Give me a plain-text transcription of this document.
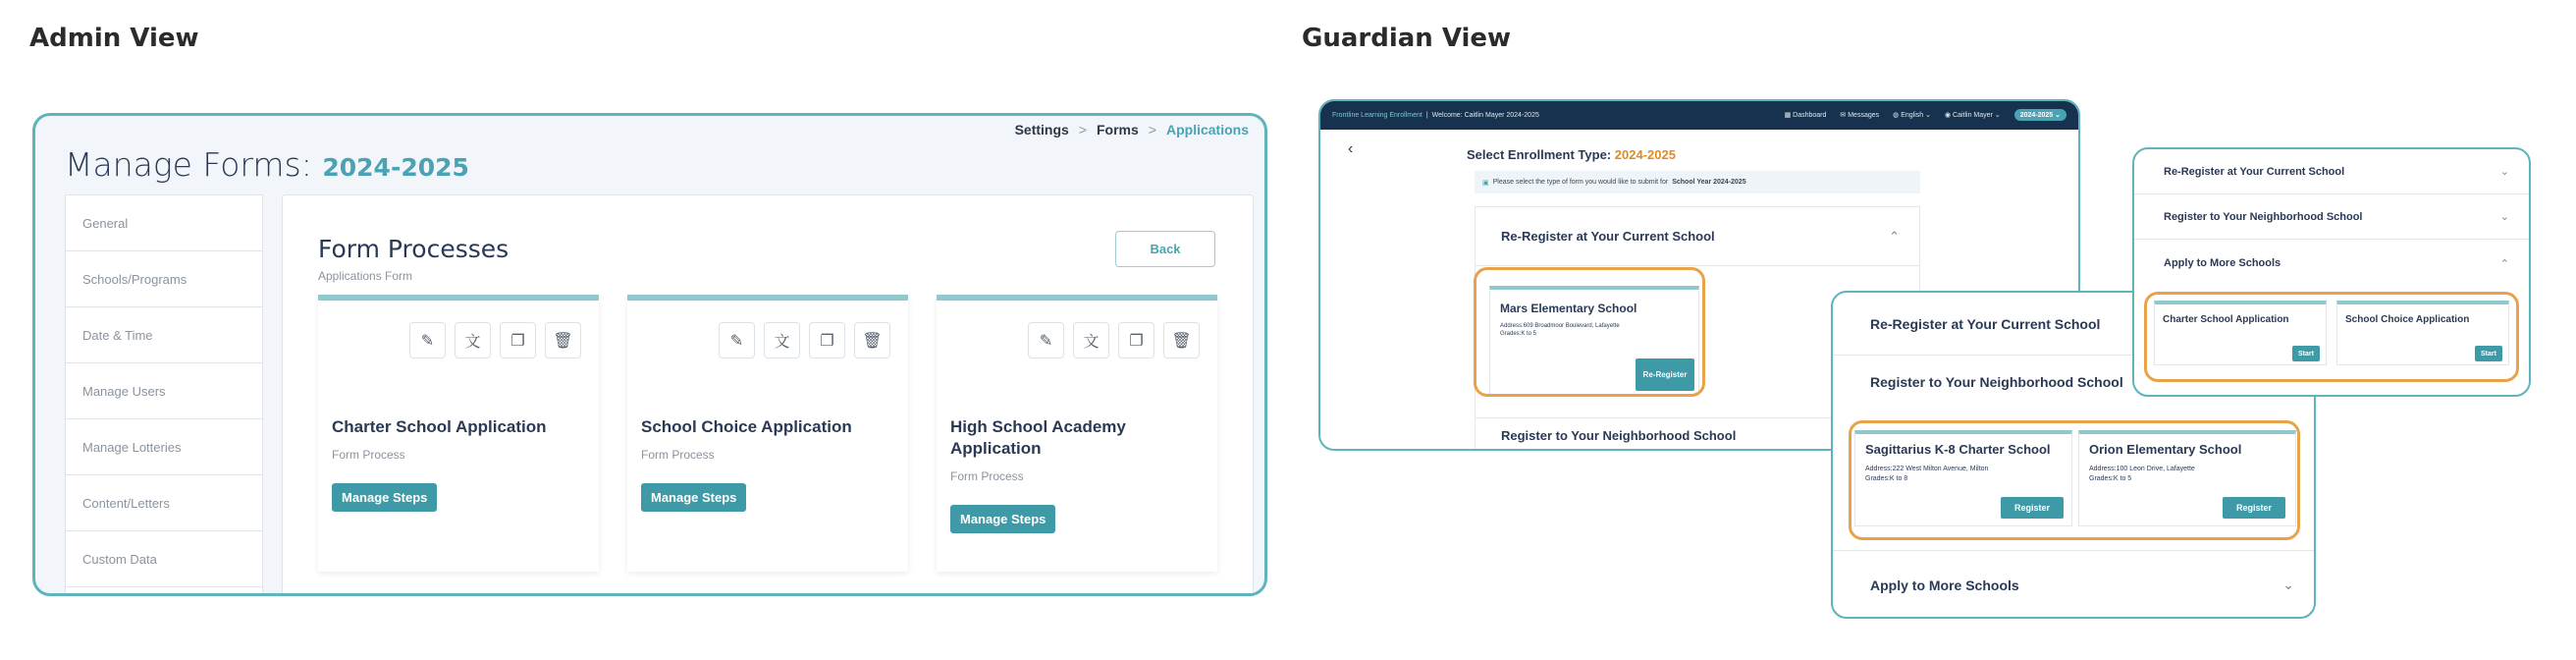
Admin View	Guardian View
Settings > Forms > Applications
Manage Forms: 2024-2025
General
Schools/Programs
Date & Time
Manage Users
Manage Lotteries
Content/Letters
Custom Data
Form Processes
Applications Form
Back
✎	文	❐	🗑
Charter School Application
Form Process
Manage Steps
✎	文	❐	🗑
School Choice Application
Form Process
Manage Steps
✎	文	❐	🗑
High School Academy Application
Form Process
Manage Steps
Frontline Learning Enrollment | Welcome: Caitlin Mayer 2024-2025	▦ Dashboard ✉ Messages ◍ English ⌄ ◉ Caitlin Mayer ⌄	2024-2025 ⌄
‹	Select Enrollment Type: 2024-2025
▣ Please select the type of form you would like to submit for School Year 2024-2025
Re-Register at Your Current School	⌃
Mars Elementary School
Address:609 Broadmoor Boulevard, Lafayette
Grades:K to 5
Re-Register
Register to Your Neighborhood School
Re-Register at Your Current School
Register to Your Neighborhood School
Sagittarius K-8 Charter School
Address:222 West Milton Avenue, Milton
Grades:K to 8
Register
Orion Elementary School
Address:100 Leon Drive, Lafayette
Grades:K to 5
Register
Apply to More Schools	⌄
Re-Register at Your Current School	⌄
Register to Your Neighborhood School	⌄
Apply to More Schools	⌃
Charter School Application
Start
School Choice Application
Start
